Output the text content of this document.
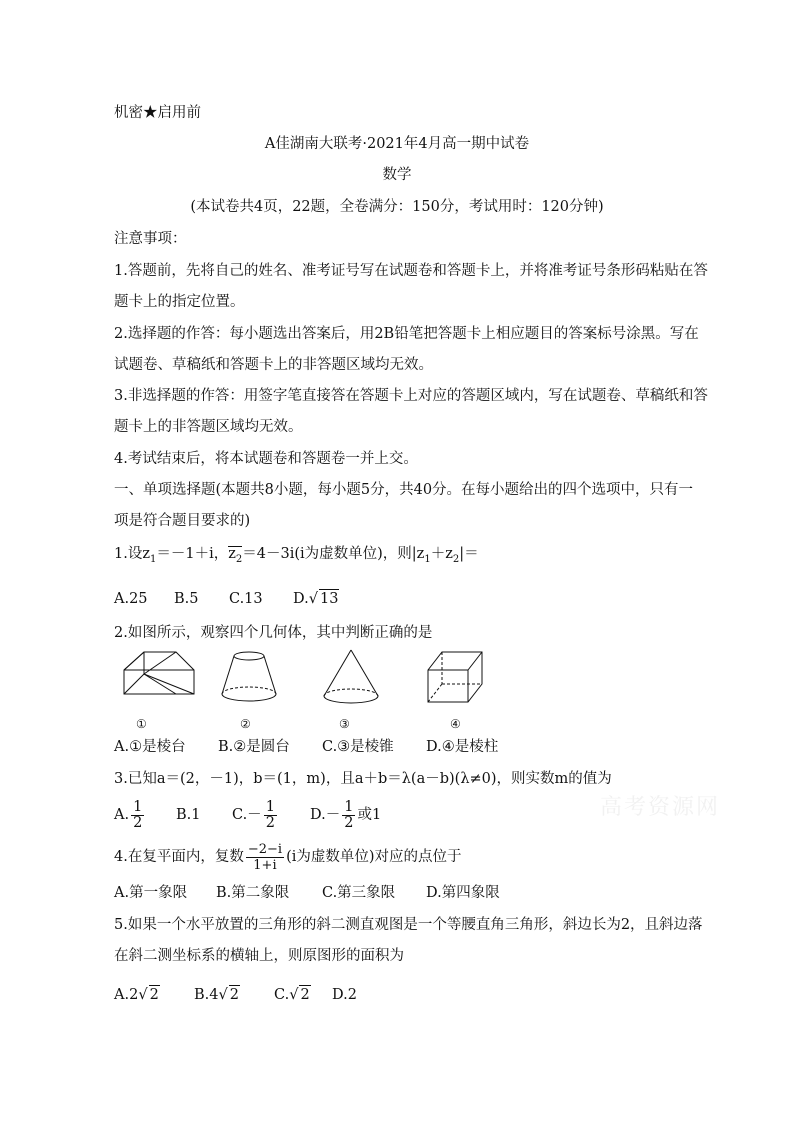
机密★启用前
A佳湖南大联考·2021年4月高一期中试卷
数学
(本试卷共4页，22题，全卷满分：150分，考试用时：120分钟)
注意事项：
1.答题前，先将自己的姓名、准考证号写在试题卷和答题卡上，并将准考证号条形码粘贴在答
题卡上的指定位置。
2.选择题的作答：每小题选出答案后，用2B铅笔把答题卡上相应题目的答案标号涂黑。写在
试题卷、草稿纸和答题卡上的非答题区域均无效。
3.非选择题的作答：用签字笔直接答在答题卡上对应的答题区域内，写在试题卷、草稿纸和答
题卡上的非答题区域均无效。
4.考试结束后，将本试题卷和答题卷一并上交。
一、单项选择题(本题共8小题，每小题5分，共40分。在每小题给出的四个选项中，只有一
项是符合题目要求的)
1.设$z_1=-1+i$，$z_2=4-3i(i$为虚数单位)，则$|z_1+z_2|=$
A.25 B.5 C.13 D.√ 13
2.如图所示，观察四个几何体，其中判断正确的是
①	②	③	④
A.①是棱台 B.②是圆台 C.③是棱锥 D.④是棱柱
3.已知a＝(2，－1)，b＝(1，m)，且a＋b＝λ(a－b)(λ≠0)，则实数m的值为
A. $\frac{1}{2} B.1$ $C.- \frac{1}{2} D.- \frac{1}{2}$ 或1
4.在复平面内，复数 $\frac{-2-i}{1+i} (i$为虚数单位)对应的点位于
A.第一象限 B.第二象限 C.第三象限 D.第四象限
5.如果一个水平放置的三角形的斜二测直观图是一个等腰直角三角形，斜边长为2，且斜边落
在斜二测坐标系的横轴上，则原图形的面积为
A.2√ 2 B.4√ 2 C.√ 2 D.2
高考资源网
